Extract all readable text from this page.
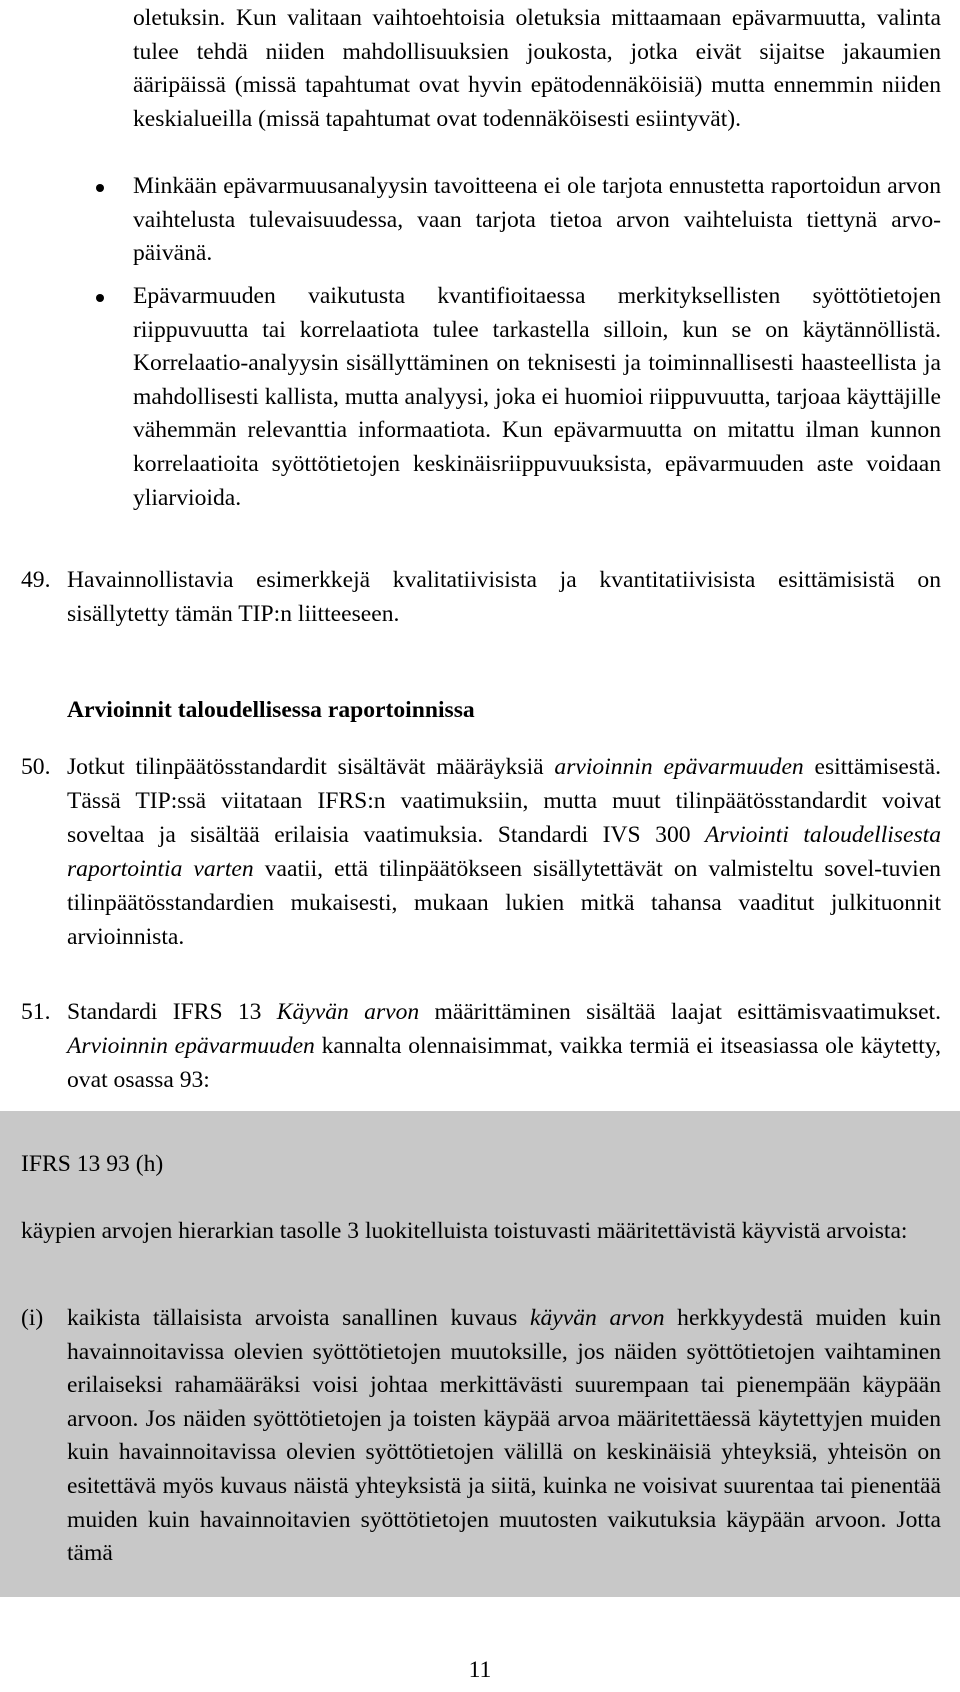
oletuksin. Kun valitaan vaihtoehtoisia oletuksia mittaamaan epävarmuutta, valinta tulee tehdä niiden mahdollisuuksien joukosta, jotka eivät sijaitse jakaumien ääripäissä (missä tapahtumat ovat hyvin epätodennäköisiä) mutta ennemmin niiden keskialueilla (missä tapahtumat ovat todennäköisesti esiintyvät).
Minkään epävarmuusanalyysin tavoitteena ei ole tarjota ennustetta raportoidun arvon vaihtelusta tulevaisuudessa, vaan tarjota tietoa arvon vaihteluista tiettynä arvo-päivänä.
Epävarmuuden vaikutusta kvantifioitaessa merkityksellisten syöttötietojen riippuvuutta tai korrelaatiota tulee tarkastella silloin, kun se on käytännöllistä. Korrelaatio-analyysin sisällyttäminen on teknisesti ja toiminnallisesti haasteellista ja mahdollisesti kallista, mutta analyysi, joka ei huomioi riippuvuutta, tarjoaa käyttäjille vähemmän relevanttia informaatiota. Kun epävarmuutta on mitattu ilman kunnon korrelaatioita syöttötietojen keskinäisriippuvuuksista, epävarmuuden aste voidaan yliarvioida.
49. Havainnollistavia esimerkkejä kvalitatiivisista ja kvantitatiivisista esittämisistä on sisällytetty tämän TIP:n liitteeseen.
Arvioinnit taloudellisessa raportoinnissa
50. Jotkut tilinpäätösstandardit sisältävät määräyksiä arvioinnin epävarmuuden esittämisestä. Tässä TIP:ssä viitataan IFRS:n vaatimuksiin, mutta muut tilinpäätösstandardit voivat soveltaa ja sisältää erilaisia vaatimuksia. Standardi IVS 300 Arviointi taloudellisesta raportointia varten vaatii, että tilinpäätökseen sisällytettävät on valmisteltu sovel-tuvien tilinpäätösstandardien mukaisesti, mukaan lukien mitkä tahansa vaaditut julkituonnit arvioinnista.
51. Standardi IFRS 13 Käyvän arvon määrittäminen sisältää laajat esittämisvaatimukset. Arvioinnin epävarmuuden kannalta olennaisimmat, vaikka termiä ei itseasiassa ole käytetty, ovat osassa 93:
IFRS 13 93 (h)
käypien arvojen hierarkian tasolle 3 luokitelluista toistuvasti määritettävistä käyvistä arvoista:
(i) kaikista tällaisista arvoista sanallinen kuvaus käyvän arvon herkkyydestä muiden kuin havainnoitavissa olevien syöttötietojen muutoksille, jos näiden syöttötietojen vaihtaminen erilaiseksi rahamääräksi voisi johtaa merkittävästi suurempaan tai pienempään käypään arvoon. Jos näiden syöttötietojen ja toisten käypää arvoa määritettäessä käytettyjen muiden kuin havainnoitavissa olevien syöttötietojen välillä on keskinäisiä yhteyksiä, yhteisön on esitettävä myös kuvaus näistä yhteyksistä ja siitä, kuinka ne voisivat suurentaa tai pienentää muiden kuin havainnoitavien syöttötietojen muutosten vaikutuksia käypään arvoon. Jotta tämä
11
